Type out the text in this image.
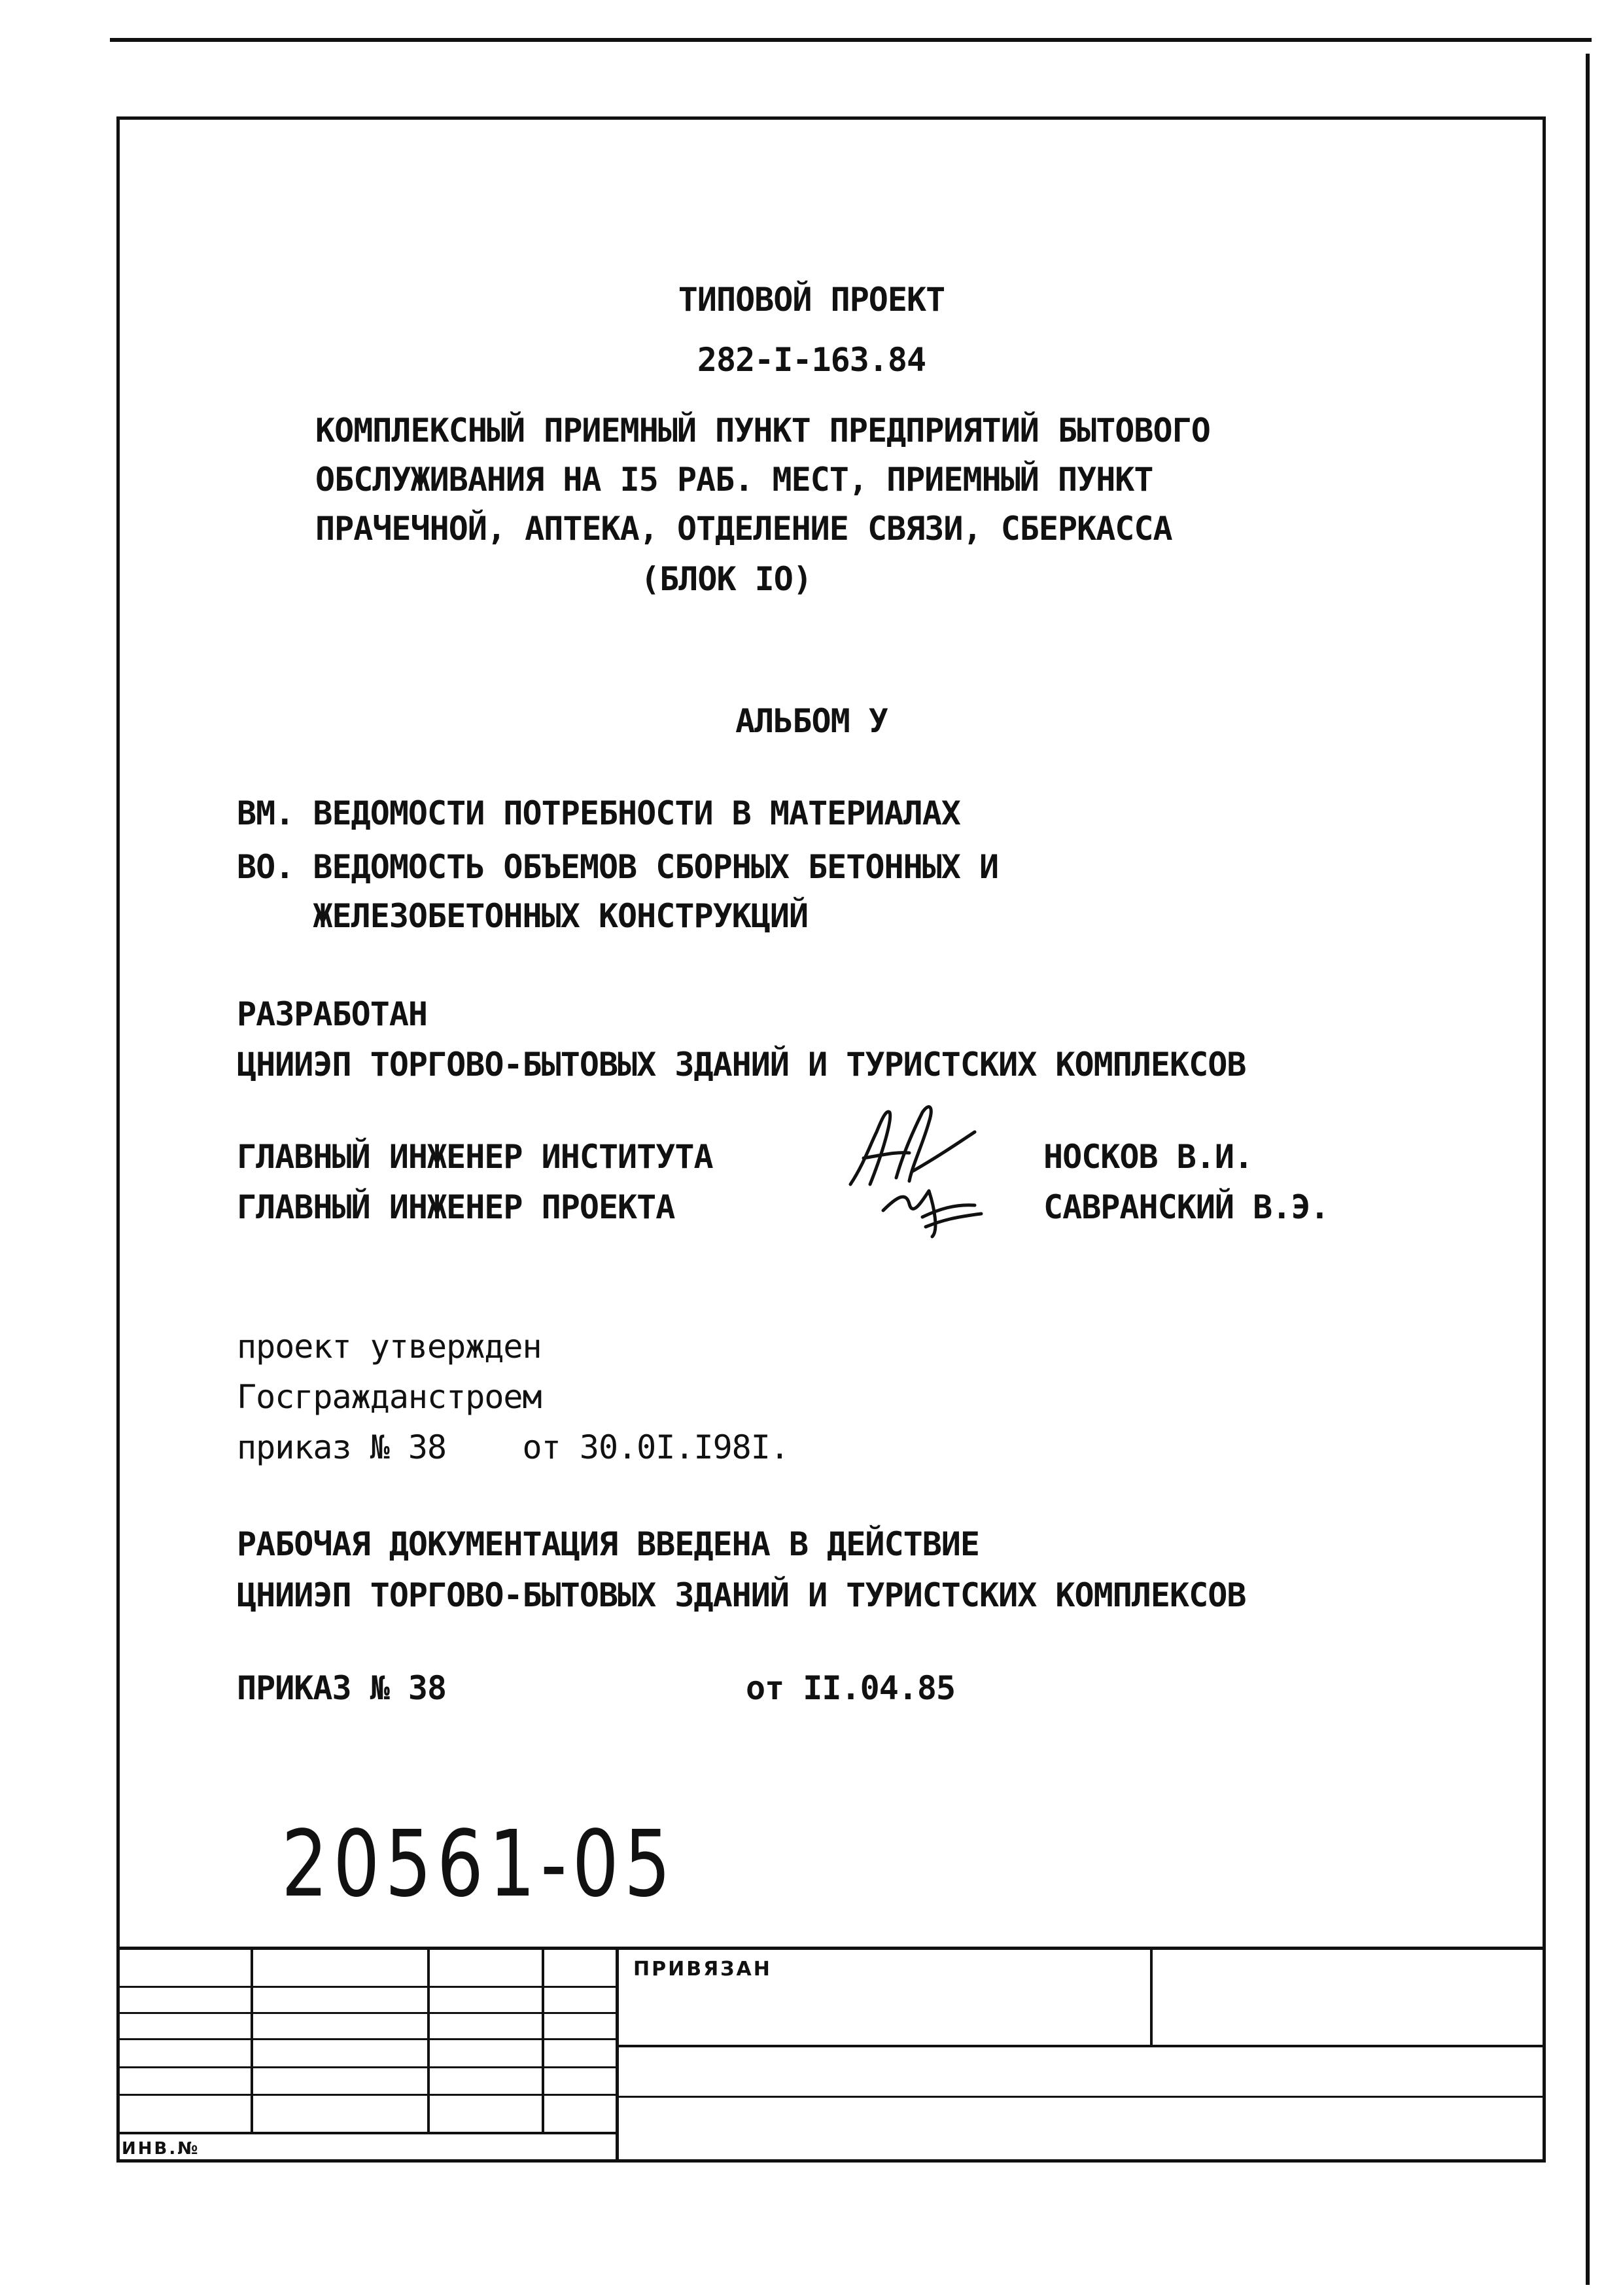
ТИПОВОЙ ПРОЕКТ
282-I-163.84
КОМПЛЕКСНЫЙ ПРИЕМНЫЙ ПУНКТ ПРЕДПРИЯТИЙ БЫТОВОГО
ОБСЛУЖИВАНИЯ НА I5 РАБ. МЕСТ, ПРИЕМНЫЙ ПУНКТ
ПРАЧЕЧНОЙ, АПТЕКА, ОТДЕЛЕНИЕ СВЯЗИ, СБЕРКАССА
(БЛОК IO)
АЛЬБОМ У
ВМ. ВЕДОМОСТИ ПОТРЕБНОСТИ В МАТЕРИАЛАХ
ВО. ВЕДОМОСТЬ ОБЪЕМОВ СБОРНЫХ БЕТОННЫХ И
ЖЕЛЕЗОБЕТОННЫХ КОНСТРУКЦИЙ
РАЗРАБОТАН
ЦНИИЭП ТОРГОВО-БЫТОВЫХ ЗДАНИЙ И ТУРИСТСКИХ КОМПЛЕКСОВ
ГЛАВНЫЙ ИНЖЕНЕР ИНСТИТУТА	НОСКОВ В.И.
ГЛАВНЫЙ ИНЖЕНЕР ПРОЕКТА	САВРАНСКИЙ В.Э.
проект утвержден
Госгражданстроем
приказ № 38    от 30.0I.I98I.
РАБОЧАЯ ДОКУМЕНТАЦИЯ ВВЕДЕНА В ДЕЙСТВИЕ
ЦНИИЭП ТОРГОВО-БЫТОВЫХ ЗДАНИЙ И ТУРИСТСКИХ КОМПЛЕКСОВ
ПРИКАЗ № 38	от II.04.85
20561-05
ПРИВЯЗАН
ИНВ.№
